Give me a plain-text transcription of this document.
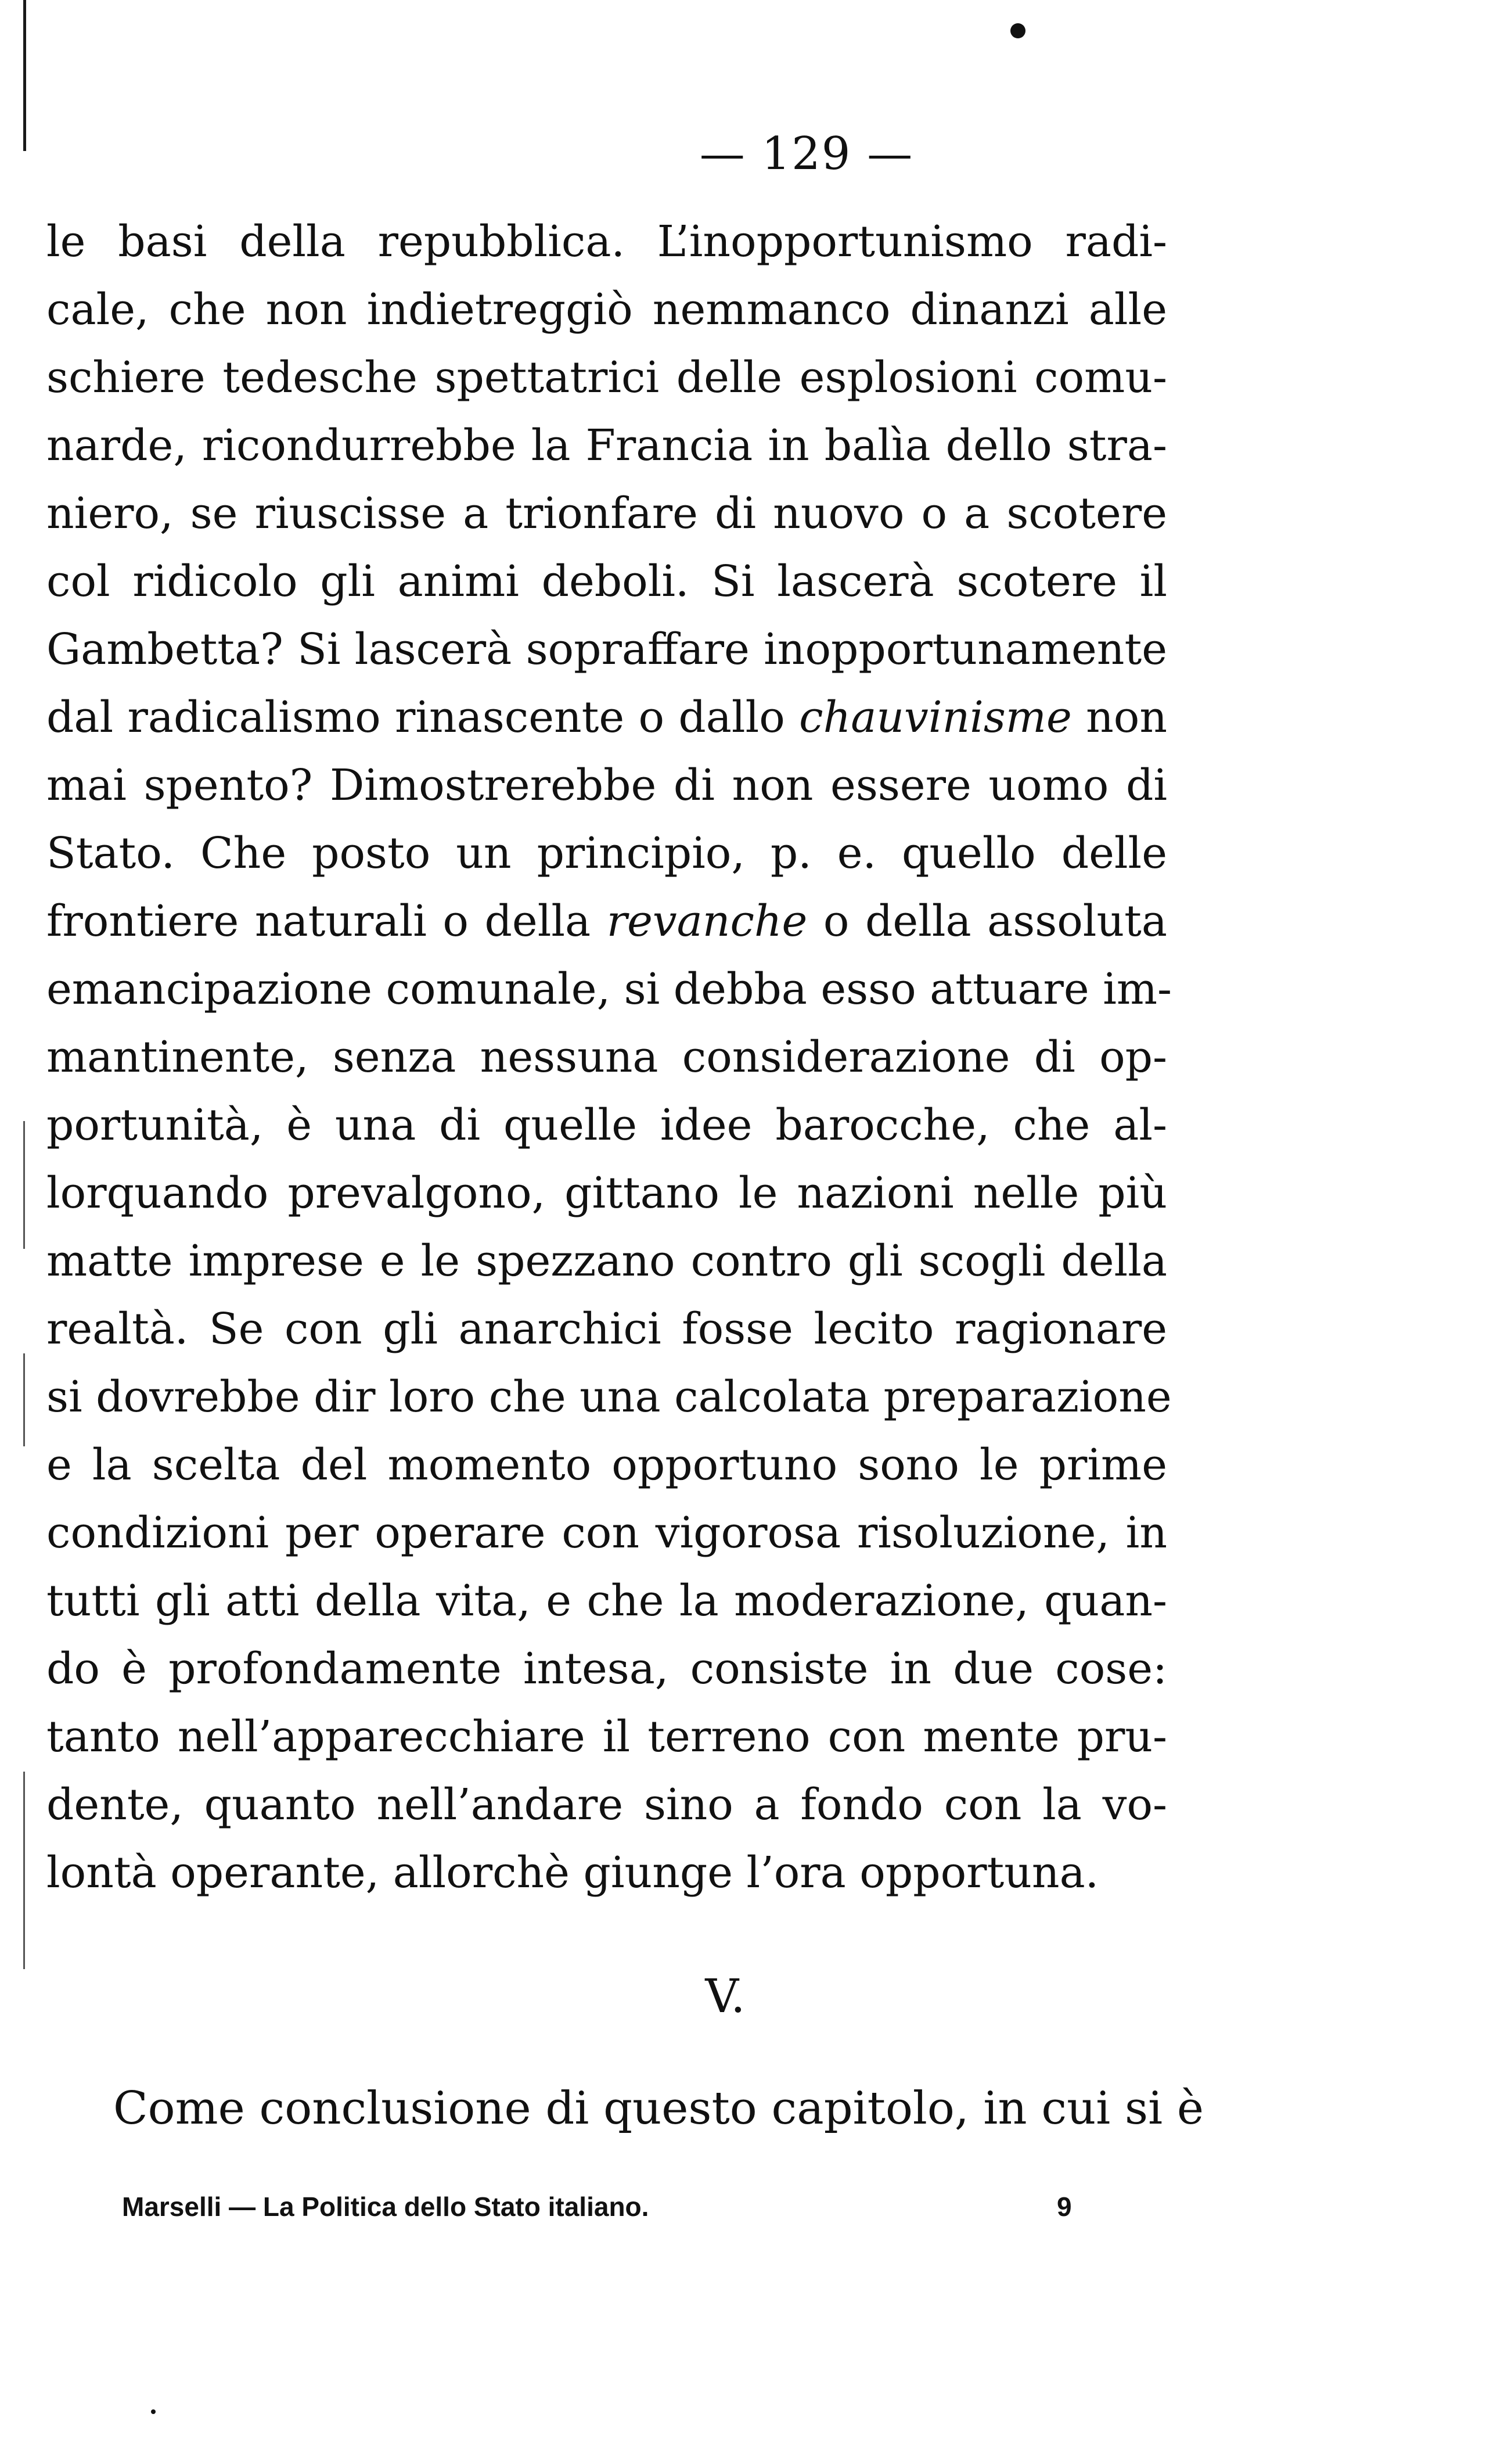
— 129 —
le basi della repubblica. L’inopportunismo radi-
cale, che non indietreggiò nemmanco dinanzi alle
schiere tedesche spettatrici delle esplosioni comu-
narde, ricondurrebbe la Francia in balìa dello stra-
niero, se riuscisse a trionfare di nuovo o a scotere
col ridicolo gli animi deboli. Si lascerà scotere il
Gambetta? Si lascerà sopraffare inopportunamente
dal radicalismo rinascente o dallo chauvinisme non
mai spento? Dimostrerebbe di non essere uomo di
Stato. Che posto un principio, p. e. quello delle
frontiere naturali o della revanche o della assoluta
emancipazione comunale, si debba esso attuare im-
mantinente, senza nessuna considerazione di op-
portunità, è una di quelle idee barocche, che al-
lorquando prevalgono, gittano le nazioni nelle più
matte imprese e le spezzano contro gli scogli della
realtà. Se con gli anarchici fosse lecito ragionare
si dovrebbe dir loro che una calcolata preparazione
e la scelta del momento opportuno sono le prime
condizioni per operare con vigorosa risoluzione, in
tutti gli atti della vita, e che la moderazione, quan-
do è profondamente intesa, consiste in due cose:
tanto nell’apparecchiare il terreno con mente pru-
dente, quanto nell’andare sino a fondo con la vo-
lontà operante, allorchè giunge l’ora opportuna.
V.
Come conclusione di questo capitolo, in cui si è
Marselli — La Politica dello Stato italiano.	9
